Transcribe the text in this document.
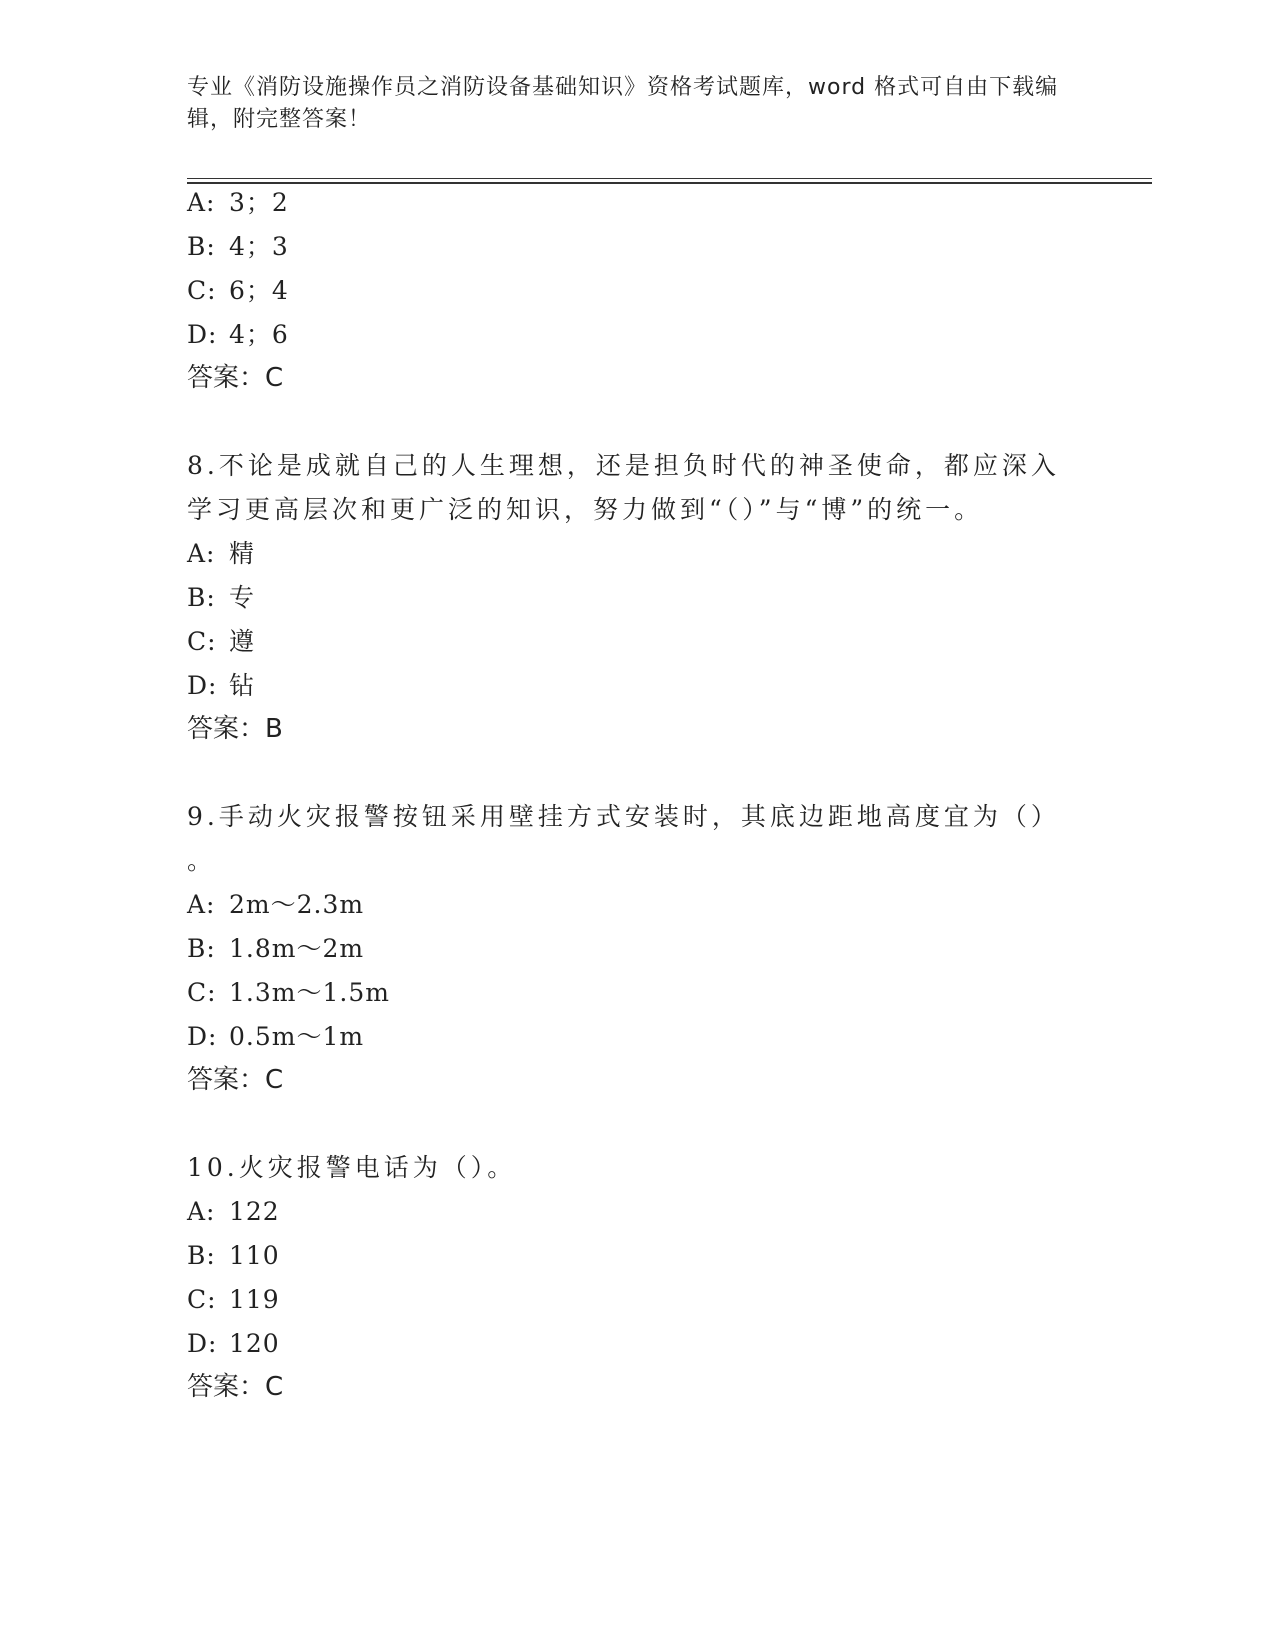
专业《消防设施操作员之消防设备基础知识》资格考试题库，word 格式可自由下载编辑，附完整答案！
A: 3；2
B: 4；3
C: 6；4
D: 4；6
答案：C
8.不论是成就自己的人生理想，还是担负时代的神圣使命，都应深入
学习更高层次和更广泛的知识，努力做到“（）”与“博”的统一。
A: 精
B: 专
C: 遵
D: 钻
答案：B
9.手动火灾报警按钮采用壁挂方式安装时，其底边距地高度宜为（）
。
A: 2m～2.3m
B: 1.8m～2m
C: 1.3m～1.5m
D: 0.5m～1m
答案：C
10.火灾报警电话为（）。
A: 122
B: 110
C: 119
D: 120
答案：C
